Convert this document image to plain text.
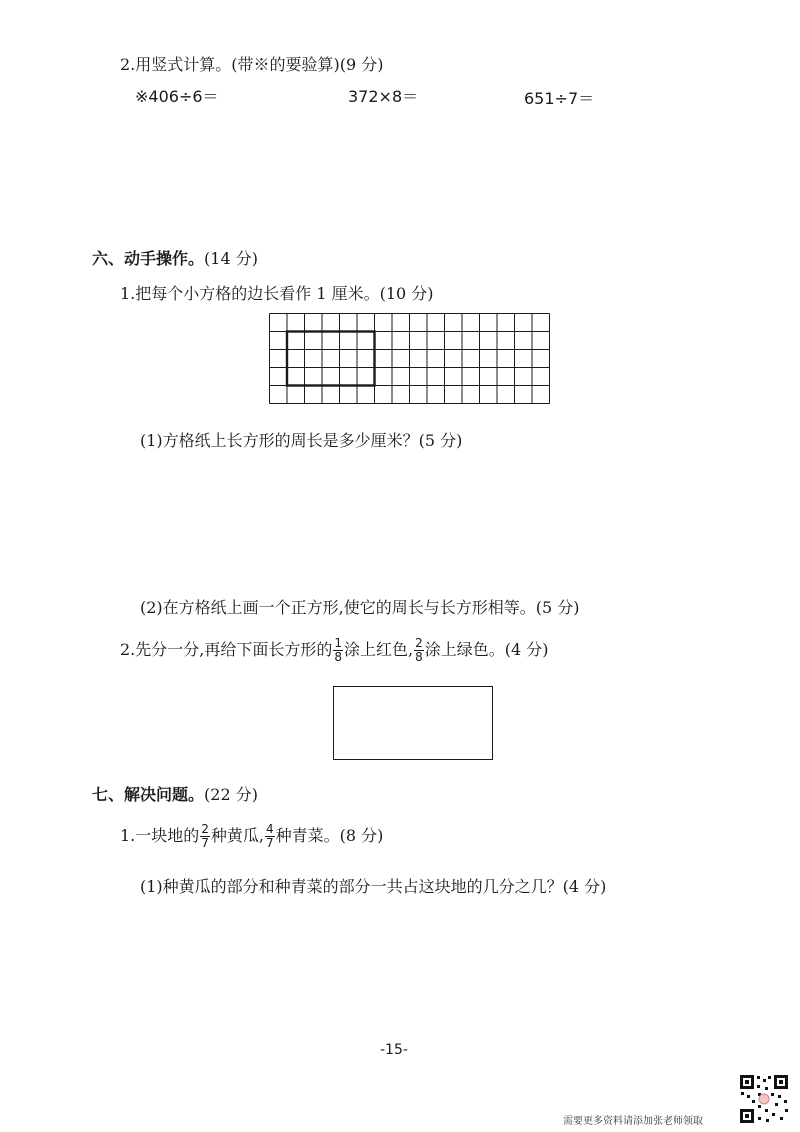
2.用竖式计算。(带※的要验算)(9 分)
※406÷6＝	372×8＝	651÷7＝
六、动手操作。(14 分)
1.把每个小方格的边长看作 1 厘米。(10 分)
(1)方格纸上长方形的周长是多少厘米？(5 分)
(2)在方格纸上画一个正方形,使它的周长与长方形相等。(5 分)
2.先分一分,再给下面长方形的 $\frac{1}{8}$ 涂上红色, $\frac{2}{8}$ 涂上绿色。(4 分)
七、解决问题。(22 分)
1.一块地的 $\frac{2}{7}$ 种黄瓜, $\frac{4}{7}$ 种青菜。(8 分)
(1)种黄瓜的部分和种青菜的部分一共占这块地的几分之几？(4 分)
-15-
需要更多资料请添加张老师领取
